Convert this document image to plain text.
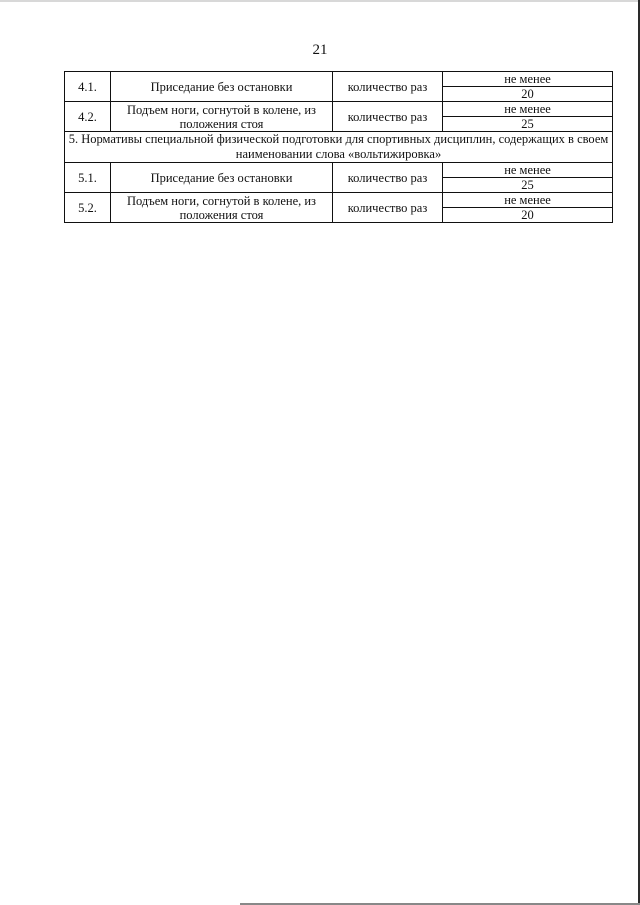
21
4.1.	Приседание без остановки	количество раз	не менее
			20
4.2.	Подъем ноги, согнутой в колене, из положения стоя	количество раз	не менее
			25
5. Нормативы специальной физической подготовки для спортивных дисциплин, содержащих в своем наименовании слова «вольтижировка»			
5.1.	Приседание без остановки	количество раз	не менее
			25
5.2.	Подъем ноги, согнутой в колене, из положения стоя	количество раз	не менее
			20
